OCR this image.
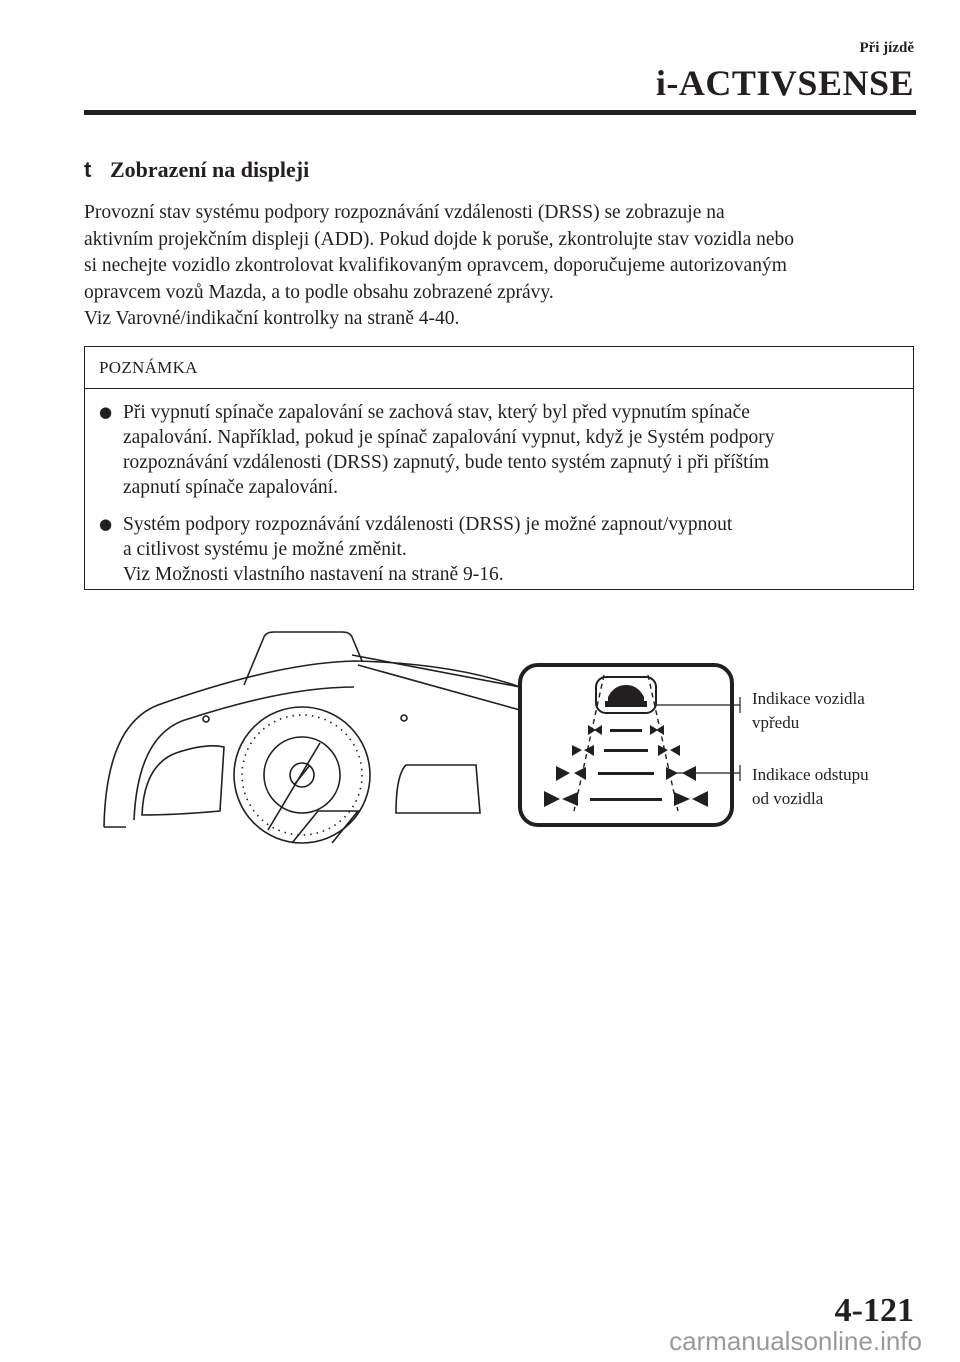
Při jízdě
i-ACTIVSENSE
t Zobrazení na displeji
Provozní stav systému podpory rozpoznávání vzdálenosti (DRSS) se zobrazuje na
aktivním projekčním displeji (ADD). Pokud dojde k poruše, zkontrolujte stav vozidla nebo
si nechejte vozidlo zkontrolovat kvalifikovaným opravcem, doporučujeme autorizovaným
opravcem vozů Mazda, a to podle obsahu zobrazené zprávy.
Viz Varovné/indikační kontrolky na straně 4-40.
POZNÁMKA
● Při vypnutí spínače zapalování se zachová stav, který byl před vypnutím spínače
zapalování. Například, pokud je spínač zapalování vypnut, když je Systém podpory
rozpoznávání vzdálenosti (DRSS) zapnutý, bude tento systém zapnutý i při příštím
zapnutí spínače zapalování.
● Systém podpory rozpoznávání vzdálenosti (DRSS) je možné zapnout/vypnout
a citlivost systému je možné změnit.
Viz Možnosti vlastního nastavení na straně 9-16.
Indikace vozidla
vpředu
Indikace odstupu
od vozidla
4-121
carmanualsonline.info
